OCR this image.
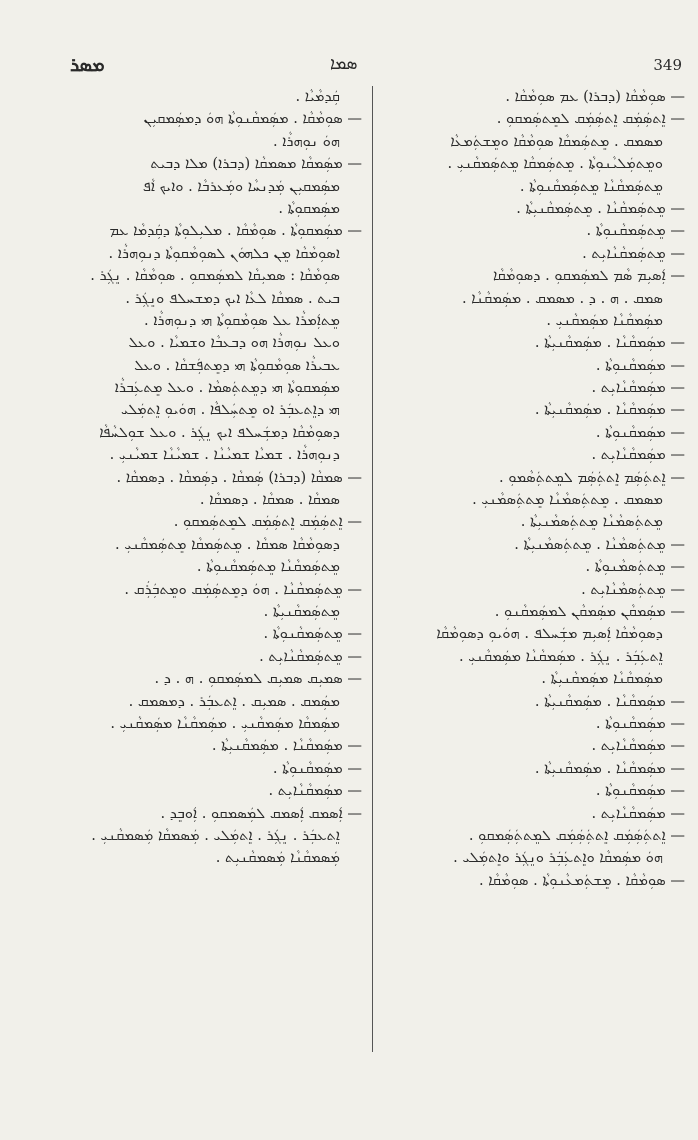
ܡܣܪ	ܣܡܐ	349
— ܣܘܼܡܵܩܵܐ (ܕܒܪܐ) ܥܡ ܣܘܼܡܵܩܵܐ .
— ܐܸܬܣܲܡܲܩ ܐܸܬܣܲܡܲܩ ܠܡܸܬܣܲܡܩܘܼ .
ܡܣܡܩ . ܡܸܬܣܲܡܩܵܐ ܣܘܼܡܵܩܵܐ ܘܡܸܫܬܲܡܥܵܐ
ܘܡܸܬܡܲܠܝܵܢܘܼܬܵܐ . ܡܸܬܣܲܡܩܵܐ ܡܸܬܣܲܡܩܵܢܝܼ .
ܡܸܬܣܲܡܩܵܢܵܐ ܡܸܬܣܲܡܩܵܢܘܼܬܵܐ .
— ܡܸܬܣܲܡܩܵܢܵܐ . ܡܸܬܣܲܡܩܵܢܝܼܬܵܐ .
— ܡܸܬܣܲܡܩܵܢܘܼܬܵܐ .
— ܡܸܬܣܲܡܩܵܢܵܐܝܼܬ .
— ܐܲܣܝܼܡ ܣܵܡ ܠܡܣܲܡܩܘܼ . ܕܣܘܼܡܵܩܵܐ
ܣܡܩ . ܗ . ܕ . ܡܣܡܩ . ܡܣܲܡܩܵܢܵܐ .
ܡܣܲܡܩܵܢܵܐ ܡܣܲܡܩܵܢܝܼ .
— ܡܣܲܡܩܵܢܵܐ . ܡܣܲܡܩܵܢܝܼܬܵܐ .
— ܡܣܲܡܩܵܢܘܼܬܵܐ .
— ܡܣܲܡܩܵܢܵܐܝܼܬ .
— ܡܣܲܡܩܵܢܵܐ . ܡܣܲܡܩܵܢܝܼܬܵܐ .
— ܡܣܲܡܩܵܢܘܼܬܵܐ .
— ܡܣܲܡܩܵܢܵܐܝܼܬ .
— ܐܸܬܬܲܣܲܡ ܐܸܬܬܲܣܲܡ ܠܡܸܬܬܲܣܵܡܘܼ .
ܡܣܡܩ . ܡܸܬܬܲܣܡܵܢܵܐ ܡܸܬܬܲܣܡܵܢܝܼ .
ܡܸܬܬܲܣܡܵܢܵܐ ܡܸܬܬܲܣܡܵܢܝܼܬܵܐ .
— ܡܸܬܬܲܣܡܵܢܵܐ . ܡܸܬܬܲܣܡܵܢܝܼܬܵܐ .
— ܡܸܬܬܲܣܡܵܢܘܼܬܵܐ .
— ܡܸܬܬܲܣܡܵܢܵܐܝܼܬ .
— ܡܣܲܡܩܵܢ ܡܣܲܡܩܵܢ ܠܡܣܲܡܩܵܢܘܼ .
ܕܣܘܼܡܵܩܵܐ ܐܲܣܝܼܡ ܡܫܲܚܠܦ . ܗܘܿܝܘܼ ܕܣܘܼܡܵܩܵܐ
ܐܸܬܥܲܒܲܪ . ܢܸܓܲܪ . ܡܣܲܡܩܵܢܵܐ ܡܣܲܡܩܵܢܝܼ .
ܡܣܲܡܩܵܢܵܐ ܡܣܲܡܩܵܢܝܼܬܵܐ .
— ܡܣܲܡܩܵܢܵܐ . ܡܣܲܡܩܵܢܝܼܬܵܐ .
— ܡܣܲܡܩܵܢܘܼܬܵܐ .
— ܡܣܲܡܩܵܢܵܐܝܼܬ .
— ܡܣܲܡܩܵܢܵܐ . ܡܣܲܡܩܵܢܝܼܬܵܐ .
— ܡܣܲܡܩܵܢܘܼܬܵܐ .
— ܡܣܲܡܩܵܢܵܐܝܼܬ .
— ܐܸܬܬܲܣܲܡܲܩ ܐܸܬܬܲܣܲܡܲܩ ܠܡܸܬܬܲܣܲܡܩܘܼ .
ܗܘܿ ܡܣܲܡܩܵܐ ܘܐܸܬܥܲܒܲܪ ܘܢܸܓܲܪ ܘܐܸܬܡܲܠܝ .
— ܣܘܼܡܵܩܵܐ . ܡܸܫܬܲܡܥܵܢܘܼܬܵܐ . ܣܘܼܡܵܩܵܐ .
ܩܲܕܡܵܝܵܐ .
— ܣܘܼܡܵܩܵܐ . ܡܣܲܡܩܵܢܘܼܬܵܐ ܗܘܿ ܕܡܣܲܡܩܝܼܢ
ܗܘܿ ܢܘܼܗܪܵܐ .
— ܡܣܲܡܩܵܐ ܡܣܡܩܵܐ (ܕܒܪܐ) ܡܠܐ ܕܒܝܬ
ܡܣܲܡܩܝܼܢ ܡܲܕܢܚܵܐ ܘܡܲܥܪܒܵܐ . ܘܐܝܟ ܐܵܦ
ܡܣܲܡܩܘܼܬܵܐ .
— ܡܣܲܡܩܘܼܬܵܐ . ܣܘܼܡܵܩܵܐ . ܡܠܝܼܠܘܼܬܵܐ ܕܩܲܕܡܵܐ ܥܡ
ܐܣܘܼܡܵܩܵܐ ܡܸܢ ܟܠܗܘܿܢ ܠܣܘܼܡܵܩܘܼܬܵܐ ܕܢܘܼܗܪܵܐ .
ܣܘܼܡܵܩܵܐ : ܣܡܝܼܩܵܐ ܠܡܣܲܡܩܘܼ . ܣܘܼܡܵܩܵܐ . ܢܸܓܲܪ .
ܒܝܬ . ܣܡܩܵܐ ܠܥܵܐ ܐܝܟ ܕܡܫܚܠܦ ܘܢܸܓܲܪ .
ܡܸܬܐܲܡܪܵܐ ܥܠ ܣܘܼܡܵܩܘܼܬܵܐ ܗܝ ܕܢܘܼܗܪܵܐ .
ܘܥܠ ܢܘܼܗܪܵܐ ܗܘ ܕܒܥܒܵܐ ܘܫܡܝܵܐ . ܘܥܠ
ܥܒܝܪܵܐ ܣܘܼܡܵܩܘܼܬܵܐ ܗܝ ܕܡܸܬܦܲܫܩܵܐ . ܘܥܠ
ܡܣܲܡܩܘܼܬܵܐ ܗܝ ܕܡܸܬܬܲܣܡܵܐ . ܘܥܠ ܡܸܬܥܲܒܪܵܐ
ܗܝ ܕܐܸܬܥܒܲܪ ܐܘ ܡܸܬܚܲܠܦܵܐ . ܗܘܿܝܘܼ ܐܸܬܡܲܠܝ
ܕܣܘܼܡܵܩܵܐ ܕܡܫܲܚܠܦ ܐܝܟ ܢܸܓܲܪ . ܘܥܠ ܫܘܼܠܚܵܦܵܐ
ܕܢܘܼܗܪܵܐ . ܫܡܝܵܐ ܫܡܝܵܢܵܐ . ܫܡܝܵܢܵܐ ܫܡܝܵܢܝܼ .
— ܣܡܩܵܐ (ܕܒܪܐ) ܣܲܡܩܵܐ . ܕܣܲܡܩܵܐ . ܕܣܡܩܵܐ .
ܣܡܩܵܐ . ܣܡܩܵܐ . ܕܣܡܩܵܐ .
— ܐܸܬܣܲܡܲܩ ܐܸܬܣܲܡܲܩ ܠܡܸܬܣܲܡܩܘܼ .
ܕܣܘܼܡܵܩܵܐ ܣܡܩܵܐ . ܡܸܬܣܲܡܩܵܐ ܡܸܬܣܲܡܩܵܢܝܼ .
ܡܸܬܣܲܡܩܵܢܵܐ ܡܸܬܣܲܡܩܵܢܘܼܬܵܐ .
— ܡܸܬܣܲܡܩܵܢܵܐ . ܗܘܿ ܕܡܸܬܣܲܡܲܩ ܘܡܸܬܒܲܪܲܩ .
ܡܸܬܣܲܡܩܵܢܝܼܬܵܐ .
— ܡܸܬܣܲܡܩܵܢܘܼܬܵܐ .
— ܡܸܬܣܲܡܩܵܢܵܐܝܼܬ .
— ܣܡܝܼܩ ܣܡܝܼܩ ܠܡܣܲܡܩܘܼ . ܗ . ܕ .
ܡܣܲܡܩ . ܣܡܝܼܩ . ܐܸܬܥܒܲܪ . ܕܡܣܡܩ .
ܡܣܲܡܩܵܐ ܡܣܲܡܩܵܢܝܼ . ܡܣܲܡܩܵܢܵܐ ܡܣܲܡܩܵܢܝܼ .
— ܡܣܲܡܩܵܢܵܐ . ܡܣܲܡܩܵܢܝܼܬܵܐ .
— ܡܣܲܡܩܵܢܘܼܬܵܐ .
— ܡܣܲܡܩܵܢܵܐܝܼܬ .
— ܐܲܣܡܩ ܐܲܣܡܩ ܠܡܲܣܡܩܘܼ . ܐܲܘܒܸܕ .
ܐܸܬܥܒܲܪ . ܢܸܓܲܪ . ܐܸܬܡܲܠܝ . ܡܲܣܡܩܵܐ ܡܲܣܡܩܵܢܝܼ .
ܡܲܣܡܩܵܢܵܐ ܡܲܣܡܩܵܢܝܼܬ .
